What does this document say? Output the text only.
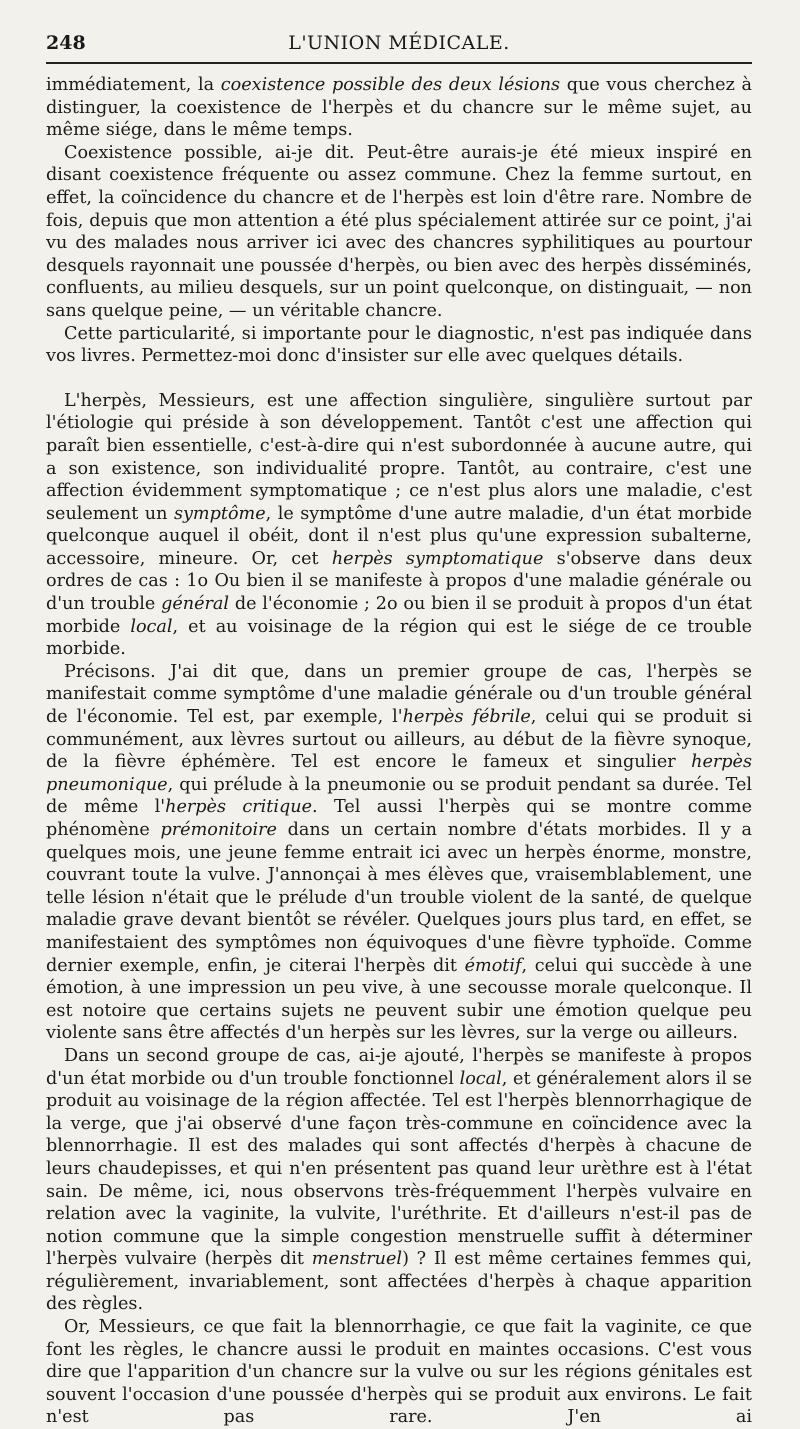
248	L'UNION MÉDICALE.

immédiatement, la coexistence possible des deux lésions que vous cherchez à distinguer, la coexistence de l'herpès et du chancre sur le même sujet, au même siége, dans le même temps.

Coexistence possible, ai-je dit. Peut-être aurais-je été mieux inspiré en disant coexistence fréquente ou assez commune. Chez la femme surtout, en effet, la coïncidence du chancre et de l'herpès est loin d'être rare. Nombre de fois, depuis que mon attention a été plus spécialement attirée sur ce point, j'ai vu des malades nous arriver ici avec des chancres syphilitiques au pourtour desquels rayonnait une poussée d'herpès, ou bien avec des herpès disséminés, confluents, au milieu desquels, sur un point quelconque, on distinguait, — non sans quelque peine, — un véritable chancre.

Cette particularité, si importante pour le diagnostic, n'est pas indiquée dans vos livres. Permettez-moi donc d'insister sur elle avec quelques détails.

L'herpès, Messieurs, est une affection singulière, singulière surtout par l'étiologie qui préside à son développement. Tantôt c'est une affection qui paraît bien essentielle, c'est-à-dire qui n'est subordonnée à aucune autre, qui a son existence, son individualité propre. Tantôt, au contraire, c'est une affection évidemment symptomatique ; ce n'est plus alors une maladie, c'est seulement un symptôme, le symptôme d'une autre maladie, d'un état morbide quelconque auquel il obéit, dont il n'est plus qu'une expression subalterne, accessoire, mineure. Or, cet herpès symptomatique s'observe dans deux ordres de cas : 1o Ou bien il se manifeste à propos d'une maladie générale ou d'un trouble général de l'économie ; 2o ou bien il se produit à propos d'un état morbide local, et au voisinage de la région qui est le siége de ce trouble morbide.

Précisons. J'ai dit que, dans un premier groupe de cas, l'herpès se manifestait comme symptôme d'une maladie générale ou d'un trouble général de l'économie. Tel est, par exemple, l'herpès fébrile, celui qui se produit si communément, aux lèvres surtout ou ailleurs, au début de la fièvre synoque, de la fièvre éphémère. Tel est encore le fameux et singulier herpès pneumonique, qui prélude à la pneumonie ou se produit pendant sa durée. Tel de même l'herpès critique. Tel aussi l'herpès qui se montre comme phénomène prémonitoire dans un certain nombre d'états morbides. Il y a quelques mois, une jeune femme entrait ici avec un herpès énorme, monstre, couvrant toute la vulve. J'annonçai à mes élèves que, vraisemblablement, une telle lésion n'était que le prélude d'un trouble violent de la santé, de quelque maladie grave devant bientôt se révéler. Quelques jours plus tard, en effet, se manifestaient des symptômes non équivoques d'une fièvre typhoïde. Comme dernier exemple, enfin, je citerai l'herpès dit émotif, celui qui succède à une émotion, à une impression un peu vive, à une secousse morale quelconque. Il est notoire que certains sujets ne peuvent subir une émotion quelque peu violente sans être affectés d'un herpès sur les lèvres, sur la verge ou ailleurs.

Dans un second groupe de cas, ai-je ajouté, l'herpès se manifeste à propos d'un état morbide ou d'un trouble fonctionnel local, et généralement alors il se produit au voisinage de la région affectée. Tel est l'herpès blennorrhagique de la verge, que j'ai observé d'une façon très-commune en coïncidence avec la blennorrhagie. Il est des malades qui sont affectés d'herpès à chacune de leurs chaudepisses, et qui n'en présentent pas quand leur urèthre est à l'état sain. De même, ici, nous observons très-fréquemment l'herpès vulvaire en relation avec la vaginite, la vulvite, l'uréthrite. Et d'ailleurs n'est-il pas de notion commune que la simple congestion menstruelle suffit à déterminer l'herpès vulvaire (herpès dit menstruel) ? Il est même certaines femmes qui, régulièrement, invariablement, sont affectées d'herpès à chaque apparition des règles.

Or, Messieurs, ce que fait la blennorrhagie, ce que fait la vaginite, ce que font les règles, le chancre aussi le produit en maintes occasions. C'est vous dire que l'apparition d'un chancre sur la vulve ou sur les régions génitales est souvent l'occasion d'une poussée d'herpès qui se produit aux environs. Le fait n'est pas rare. J'en ai
